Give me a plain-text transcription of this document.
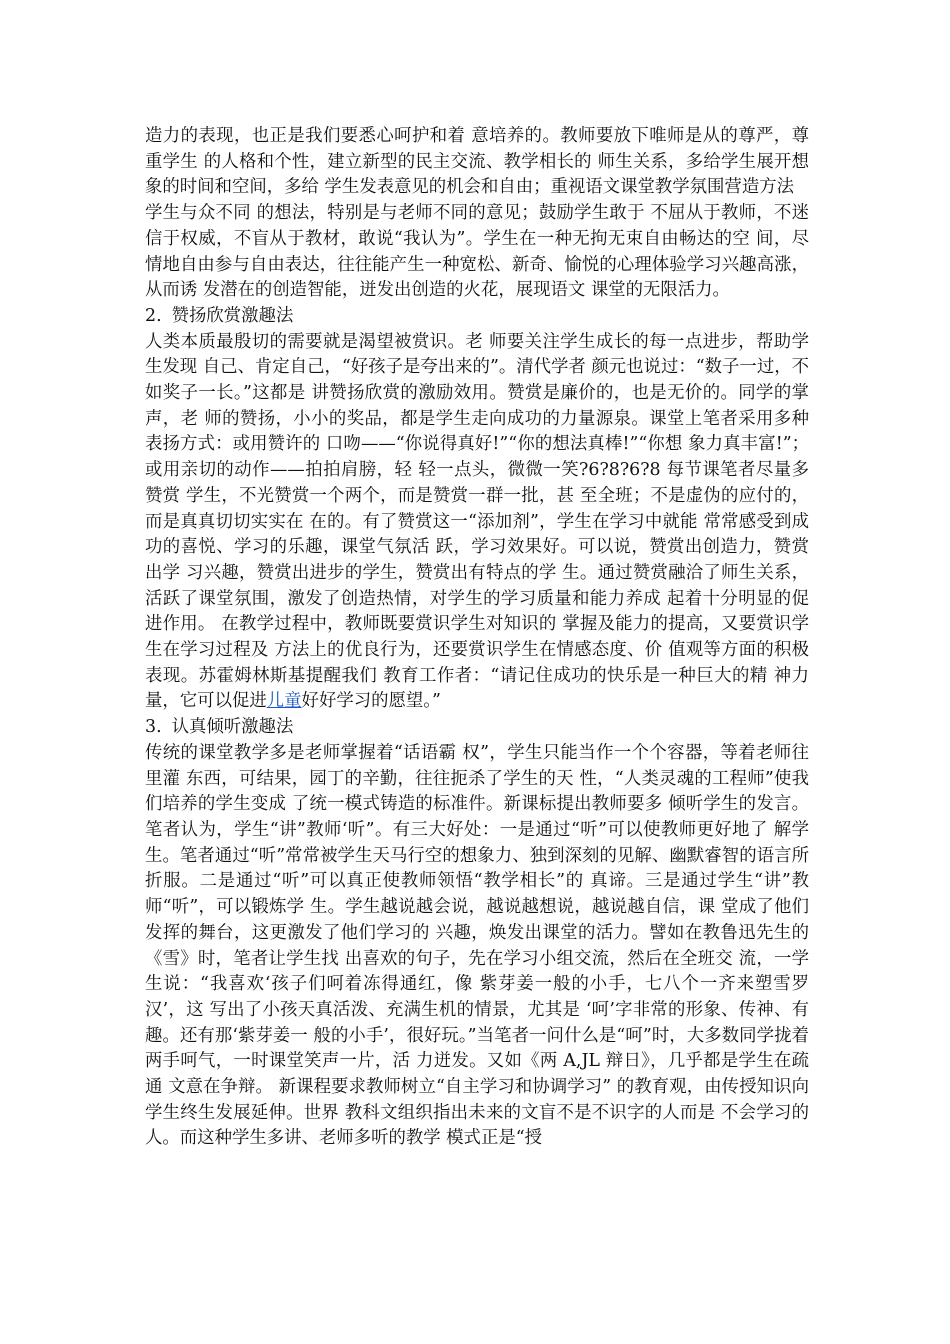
造力的表现，也正是我们要悉心呵护和着 意培养的。教师要放下唯师是从的尊严，尊重学生 的人格和个性，建立新型的民主交流、教学相长的 师生关系，多给学生展开想象的时间和空间，多给 学生发表意见的机会和自由；重视语文课堂教学氛围营造方法

学生与众不同 的想法，特别是与老师不同的意见；鼓励学生敢于 不屈从于教师，不迷信于权威，不盲从于教材，敢说“我认为”。学生在一种无拘无束自由畅达的空 间，尽情地自由参与自由表达，往往能产生一种宽松、新奇、愉悦的心理体验学习兴趣高涨，从而诱 发潜在的创造智能，迸发出创造的火花，展现语文 课堂的无限活力。

2. 赞扬欣赏激趣法

人类本质最殷切的需要就是渴望被赏识。老 师要关注学生成长的每一点进步，帮助学生发现 自己、肯定自己，“好孩子是夸出来的”。清代学者 颜元也说过：“数子一过，不如奖子一长。”这都是 讲赞扬欣赏的激励效用。赞赏是廉价的，也是无价的。同学的掌声，老 师的赞扬，小小的奖品，都是学生走向成功的力量源泉。课堂上笔者采用多种表扬方式：或用赞许的 口吻——“你说得真好!”“你的想法真棒!”“你想 象力真丰富!”；或用亲切的动作——拍拍肩膀，轻 轻一点头，微微一笑?6?8?6?8 每节课笔者尽量多赞赏 学生，不光赞赏一个两个，而是赞赏一群一批，甚 至全班；不是虚伪的应付的，而是真真切切实实在 在的。有了赞赏这一“添加剂”，学生在学习中就能 常常感受到成功的喜悦、学习的乐趣，课堂气氛活 跃，学习效果好。可以说，赞赏出创造力，赞赏出学 习兴趣，赞赏出进步的学生，赞赏出有特点的学 生。通过赞赏融洽了师生关系，活跃了课堂氛围，激发了创造热情，对学生的学习质量和能力养成 起着十分明显的促进作用。 在教学过程中，教师既要赏识学生对知识的 掌握及能力的提高，又要赏识学生在学习过程及 方法上的优良行为，还要赏识学生在情感态度、价 值观等方面的积极表现。苏霍姆林斯基提醒我们 教育工作者：“请记住成功的快乐是一种巨大的精 神力量，它可以促进儿童好好学习的愿望。”

3. 认真倾听激趣法

传统的课堂教学多是老师掌握着“话语霸 权”，学生只能当作一个个容器，等着老师往里灌 东西，可结果，园丁的辛勤，往往扼杀了学生的天 性，“人类灵魂的工程师”使我们培养的学生变成 了统一模式铸造的标准件。新课标提出教师要多 倾听学生的发言。笔者认为，学生“讲”教师‘听”。有三大好处：一是通过“听”可以使教师更好地了 解学生。笔者通过“听”常常被学生天马行空的想象力、独到深刻的见解、幽默睿智的语言所折服。二是通过“听”可以真正使教师领悟“教学相长”的 真谛。三是通过学生“讲”教师“听”，可以锻炼学 生。学生越说越会说，越说越想说，越说越自信，课 堂成了他们发挥的舞台，这更激发了他们学习的 兴趣，焕发出课堂的活力。譬如在教鲁迅先生的《雪》时，笔者让学生找 出喜欢的句子，先在学习小组交流，然后在全班交 流，一学生说：“我喜欢‘孩子们呵着冻得通红，像 紫芽姜一般的小手，七八个一齐来塑雪罗汉’，这 写出了小孩天真活泼、充满生机的情景，尤其是 ‘呵’字非常的形象、传神、有趣。还有那‘紫芽姜一 般的小手’，很好玩。”当笔者一问什么是“呵”时，大多数同学拢着两手呵气，一时课堂笑声一片，活 力迸发。又如《两 A,JL 辩日》，几乎都是学生在疏通 文意在争辩。 新课程要求教师树立“自主学习和协调学习” 的教育观，由传授知识向学生终生发展延伸。世界 教科文组织指出未来的文盲不是不识字的人而是 不会学习的人。而这种学生多讲、老师多听的教学 模式正是“授
